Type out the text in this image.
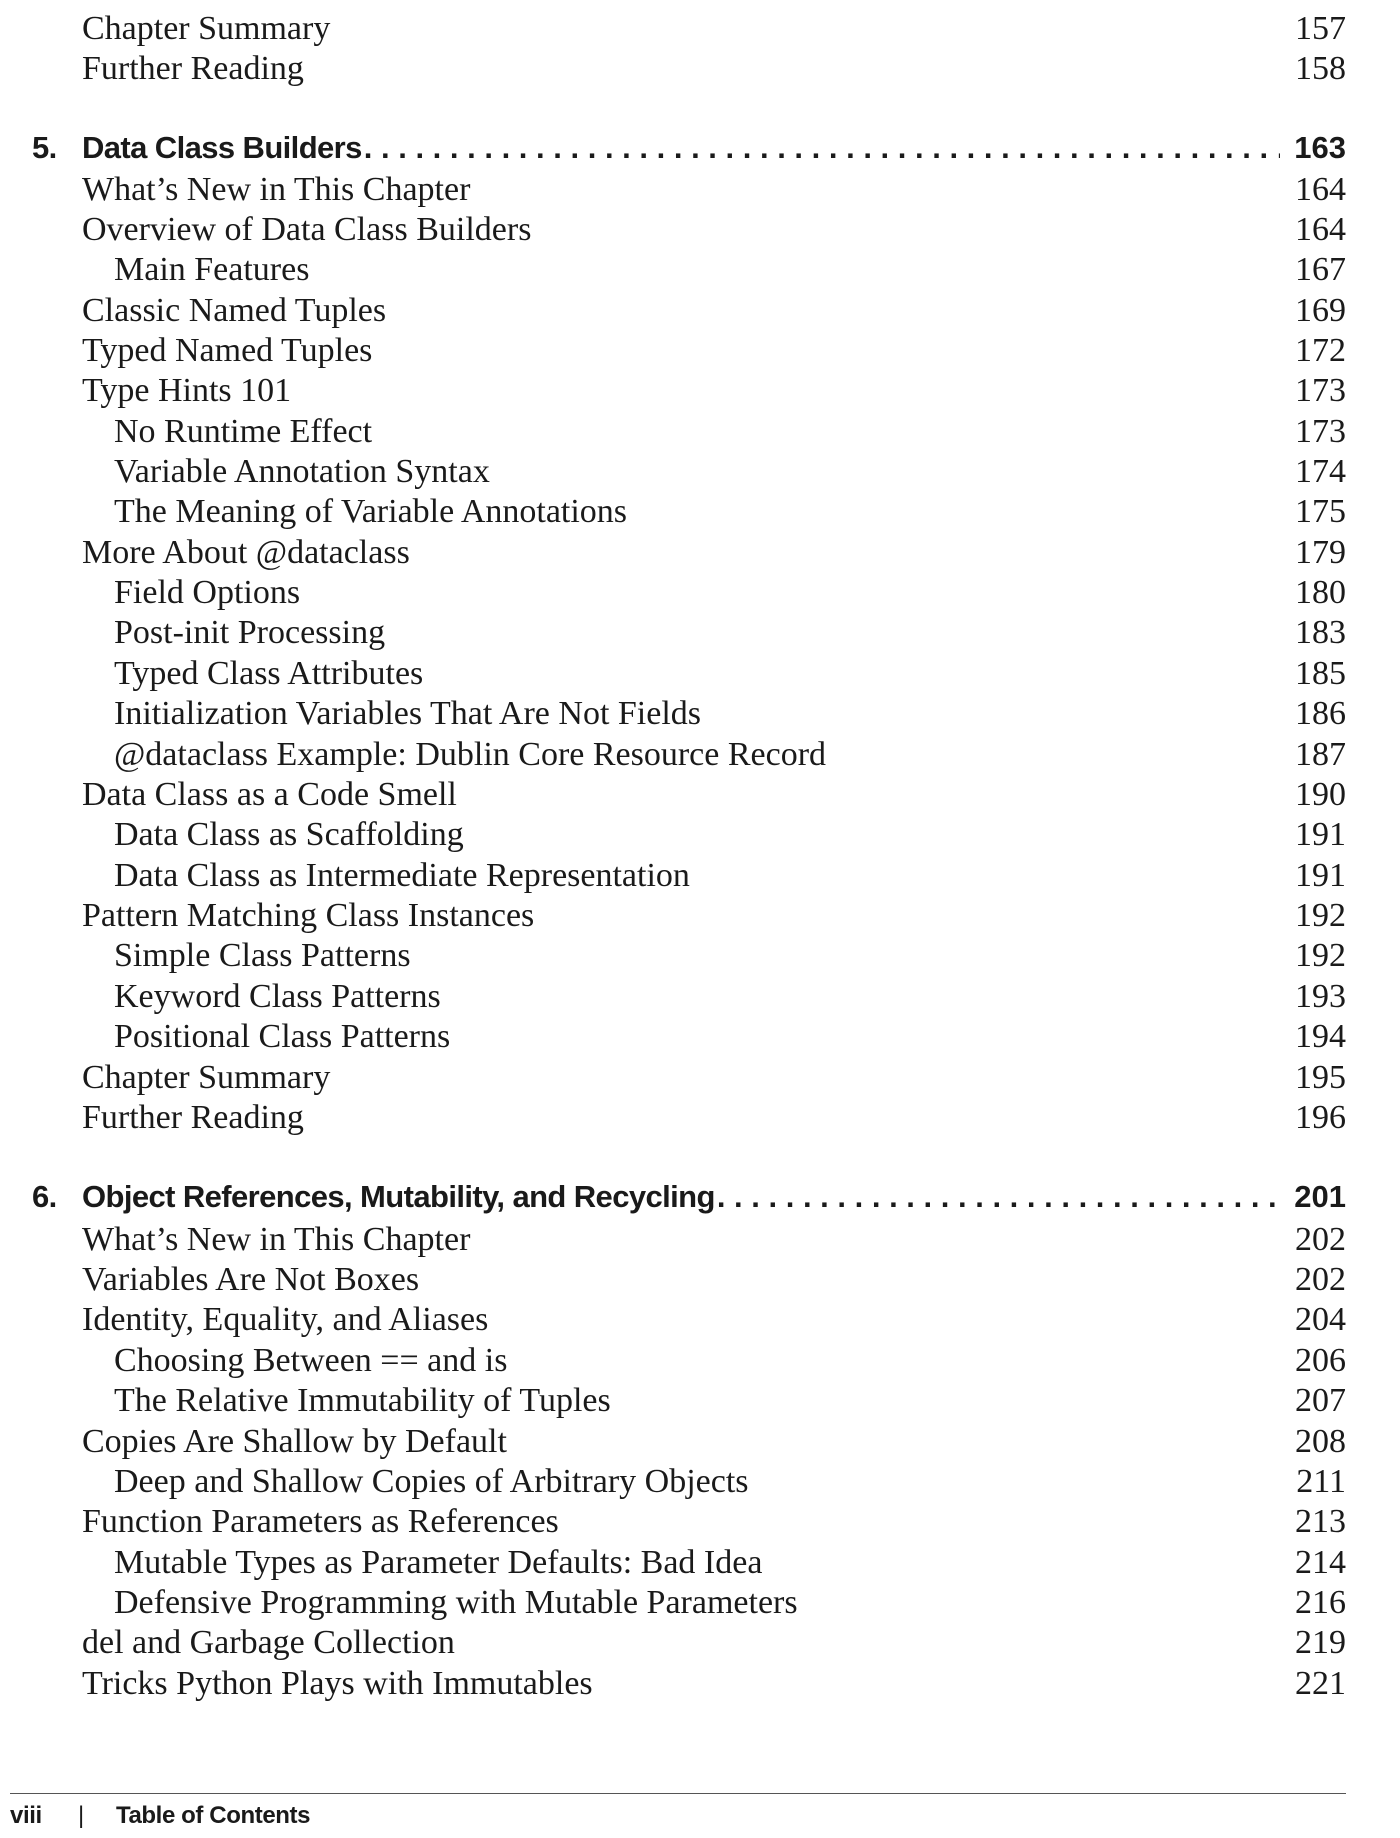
Chapter Summary	157
Further Reading	158
5. Data Class Builders . . .	163
What’s New in This Chapter	164
Overview of Data Class Builders	164
Main Features	167
Classic Named Tuples	169
Typed Named Tuples	172
Type Hints 101	173
No Runtime Effect	173
Variable Annotation Syntax	174
The Meaning of Variable Annotations	175
More About @dataclass	179
Field Options	180
Post-init Processing	183
Typed Class Attributes	185
Initialization Variables That Are Not Fields	186
@dataclass Example: Dublin Core Resource Record	187
Data Class as a Code Smell	190
Data Class as Scaffolding	191
Data Class as Intermediate Representation	191
Pattern Matching Class Instances	192
Simple Class Patterns	192
Keyword Class Patterns	193
Positional Class Patterns	194
Chapter Summary	195
Further Reading	196
6. Object References, Mutability, and Recycling . . .	201
What’s New in This Chapter	202
Variables Are Not Boxes	202
Identity, Equality, and Aliases	204
Choosing Between == and is	206
The Relative Immutability of Tuples	207
Copies Are Shallow by Default	208
Deep and Shallow Copies of Arbitrary Objects	211
Function Parameters as References	213
Mutable Types as Parameter Defaults: Bad Idea	214
Defensive Programming with Mutable Parameters	216
del and Garbage Collection	219
Tricks Python Plays with Immutables	221
viii | Table of Contents
